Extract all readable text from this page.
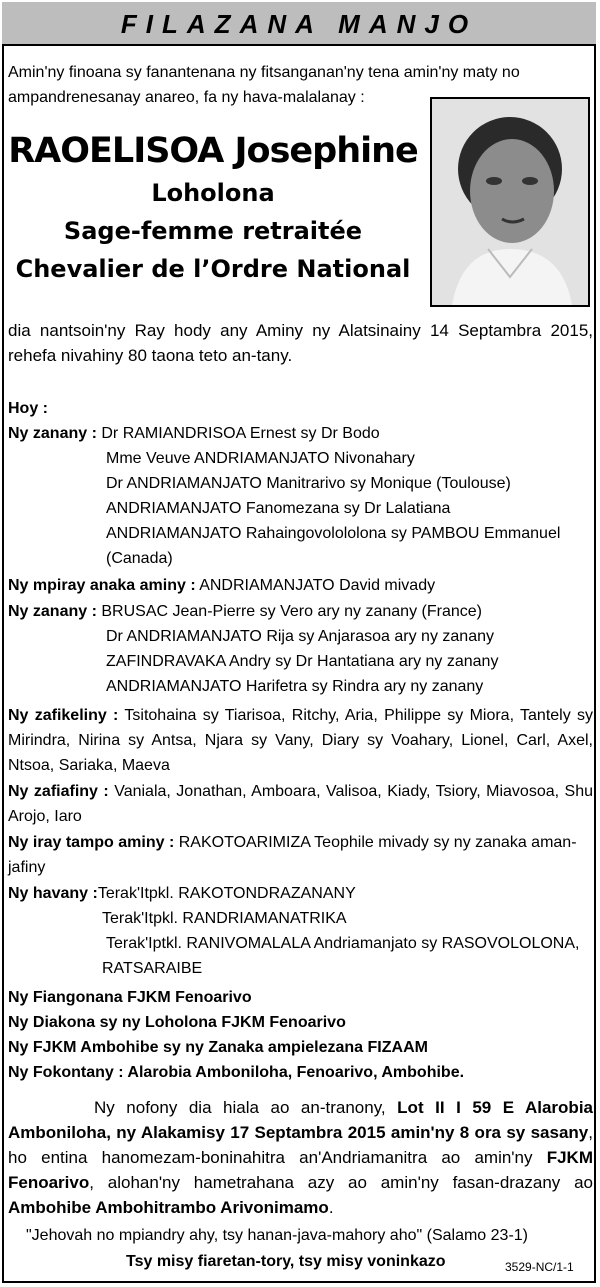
FILAZANA MANJO
Amin'ny finoana sy fanantenana ny fitsanganan'ny tena amin'ny maty no ampandrenesanay anareo, fa ny hava-malalanay :
RAOELISOA Josephine
Loholona
Sage-femme retraitée
Chevalier de l’Ordre National
dia nantsoin'ny Ray hody any Aminy ny Alatsinainy 14 Septambra 2015, rehefa nivahiny 80 taona teto an-tany.
Hoy :
Ny zanany : Dr RAMIANDRISOA Ernest sy Dr Bodo
Mme Veuve ANDRIAMANJATO Nivonahary
Dr ANDRIAMANJATO Manitrarivo sy Monique (Toulouse)
ANDRIAMANJATO Fanomezana sy Dr Lalatiana
ANDRIAMANJATO Rahaingovolololona sy PAMBOU Emmanuel
(Canada)
Ny mpiray anaka aminy : ANDRIAMANJATO David mivady
Ny zanany : BRUSAC Jean-Pierre sy Vero ary ny zanany (France)
Dr ANDRIAMANJATO Rija sy Anjarasoa ary ny zanany
ZAFINDRAVAKA Andry sy Dr Hantatiana ary ny zanany
ANDRIAMANJATO Harifetra sy Rindra ary ny zanany
Ny zafikeliny : Tsitohaina sy Tiarisoa, Ritchy, Aria, Philippe sy Miora, Tantely sy Mirindra, Nirina sy Antsa, Njara sy Vany, Diary sy Voahary, Lionel, Carl, Axel, Ntsoa, Sariaka, Maeva
Ny zafiafiny : Vaniala, Jonathan, Amboara, Valisoa, Kiady, Tsiory, Miavosoa, Shu Arojo, Iaro
Ny iray tampo aminy : RAKOTOARIMIZA Teophile mivady sy ny zanaka aman-jafiny
Ny havany :Terak'Itpkl. RAKOTONDRAZANANY
Terak'Itpkl. RANDRIAMANATRIKA
Terak'Iptkl. RANIVOMALALA Andriamanjato sy RASOVOLOLONA,
RATSARAIBE
Ny Fiangonana FJKM Fenoarivo
Ny Diakona sy ny Loholona FJKM Fenoarivo
Ny FJKM Ambohibe sy ny Zanaka ampielezana FIZAAM
Ny Fokontany : Alarobia Amboniloha, Fenoarivo, Ambohibe.
Ny nofony dia hiala ao an-tranony, Lot II I 59 E Alarobia Amboniloha, ny Alakamisy 17 Septambra 2015 amin'ny 8 ora sy sasany, ho entina hanomezam-boninahitra an'Andriamanitra ao amin'ny FJKM Fenoarivo, alohan'ny hametrahana azy ao amin'ny fasan-drazany ao Ambohibe Ambohitrambo Arivonimamo.
"Jehovah no mpiandry ahy, tsy hanan-java-mahory aho" (Salamo 23-1)
Tsy misy fiaretan-tory, tsy misy voninkazo	3529-NC/1-1
